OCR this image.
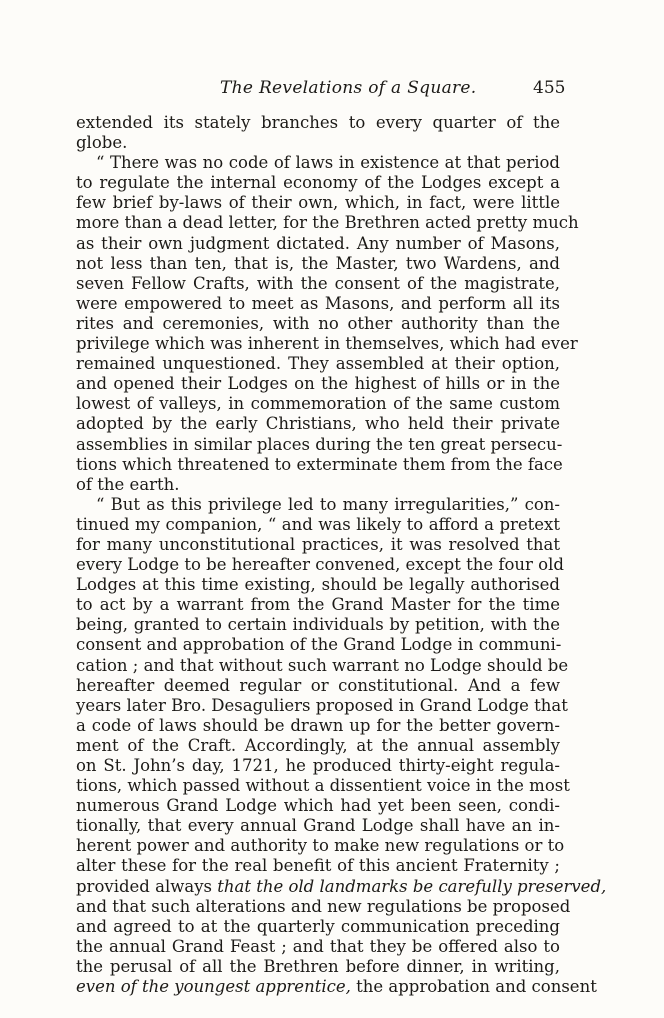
The Revelations of a Square.	455
extended its stately branches to every quarter of the
globe.
“ There was no code of laws in existence at that period
to regulate the internal economy of the Lodges except a
few brief by-laws of their own, which, in fact, were little
more than a dead letter, for the Brethren acted pretty much
as their own judgment dictated. Any number of Masons,
not less than ten, that is, the Master, two Wardens, and
seven Fellow Crafts, with the consent of the magistrate,
were empowered to meet as Masons, and perform all its
rites and ceremonies, with no other authority than the
privilege which was inherent in themselves, which had ever
remained unquestioned. They assembled at their option,
and opened their Lodges on the highest of hills or in the
lowest of valleys, in commemoration of the same custom
adopted by the early Christians, who held their private
assemblies in similar places during the ten great persecu-
tions which threatened to exterminate them from the face
of the earth.
“ But as this privilege led to many irregularities,” con-
tinued my companion, “ and was likely to afford a pretext
for many unconstitutional practices, it was resolved that
every Lodge to be hereafter convened, except the four old
Lodges at this time existing, should be legally authorised
to act by a warrant from the Grand Master for the time
being, granted to certain individuals by petition, with the
consent and approbation of the Grand Lodge in communi-
cation ; and that without such warrant no Lodge should be
hereafter deemed regular or constitutional. And a few
years later Bro. Desaguliers proposed in Grand Lodge that
a code of laws should be drawn up for the better govern-
ment of the Craft. Accordingly, at the annual assembly
on St. John’s day, 1721, he produced thirty-eight regula-
tions, which passed without a dissentient voice in the most
numerous Grand Lodge which had yet been seen, condi-
tionally, that every annual Grand Lodge shall have an in-
herent power and authority to make new regulations or to
alter these for the real benefit of this ancient Fraternity ;
provided always that the old landmarks be carefully preserved,
and that such alterations and new regulations be proposed
and agreed to at the quarterly communication preceding
the annual Grand Feast ; and that they be offered also to
the perusal of all the Brethren before dinner, in writing,
even of the youngest apprentice, the approbation and consent
